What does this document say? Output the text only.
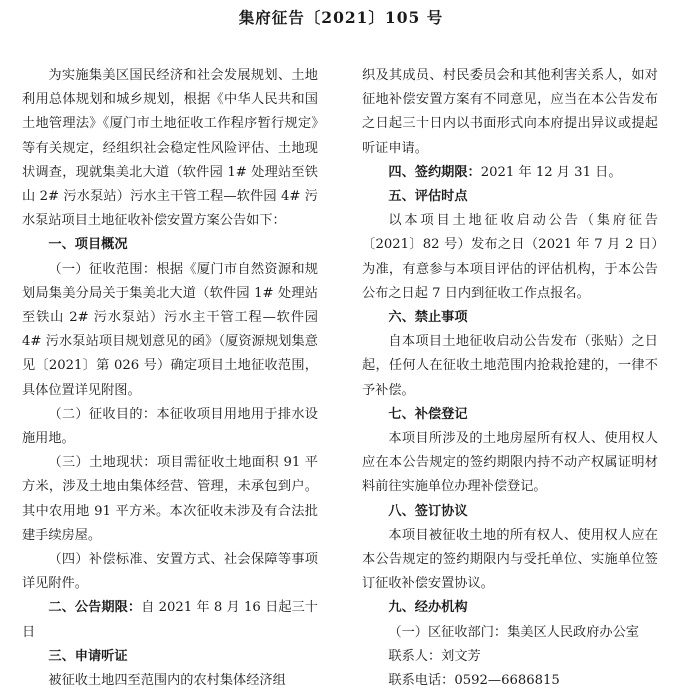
集府征告〔2021〕105 号

为实施集美区国民经济和社会发展规划、土地利用总体规划和城乡规划，根据《中华人民共和国土地管理法》《厦门市土地征收工作程序暂行规定》等有关规定，经组织社会稳定性风险评估、土地现状调查，现就集美北大道（软件园 1# 处理站至铁山 2# 污水泵站）污水主干管工程—软件园 4# 污水泵站项目土地征收补偿安置方案公告如下：

一、项目概况

（一）征收范围：根据《厦门市自然资源和规划局集美分局关于集美北大道（软件园 1# 处理站至铁山 2# 污水泵站）污水主干管工程—软件园 4# 污水泵站项目规划意见的函》（厦资源规划集意见〔2021〕第 026 号）确定项目土地征收范围，具体位置详见附图。

（二）征收目的：本征收项目用地用于排水设施用地。

（三）土地现状：项目需征收土地面积 91 平方米，涉及土地由集体经营、管理，未承包到户。其中农用地 91 平方米。本次征收未涉及有合法批建手续房屋。

（四）补偿标准、安置方式、社会保障等事项详见附件。

二、公告期限：自 2021 年 8 月 16 日起三十日

三、申请听证

被征收土地四至范围内的农村集体经济组

织及其成员、村民委员会和其他利害关系人，如对征地补偿安置方案有不同意见，应当在本公告发布之日起三十日内以书面形式向本府提出异议或提起听证申请。

四、签约期限：2021 年 12 月 31 日。

五、评估时点

以本项目土地征收启动公告（集府征告〔2021〕82 号）发布之日（2021 年 7 月 2 日）为准，有意参与本项目评估的评估机构，于本公告公布之日起 7 日内到征收工作点报名。

六、禁止事项

自本项目土地征收启动公告发布（张贴）之日起，任何人在征收土地范围内抢栽抢建的，一律不予补偿。

七、补偿登记

本项目所涉及的土地房屋所有权人、使用权人应在本公告规定的签约期限内持不动产权属证明材料前往实施单位办理补偿登记。

八、签订协议

本项目被征收土地的所有权人、使用权人应在本公告规定的签约期限内与受托单位、实施单位签订征收补偿安置协议。

九、经办机构

（一）区征收部门：集美区人民政府办公室

联系人：刘文芳

联系电话：0592—6686815
